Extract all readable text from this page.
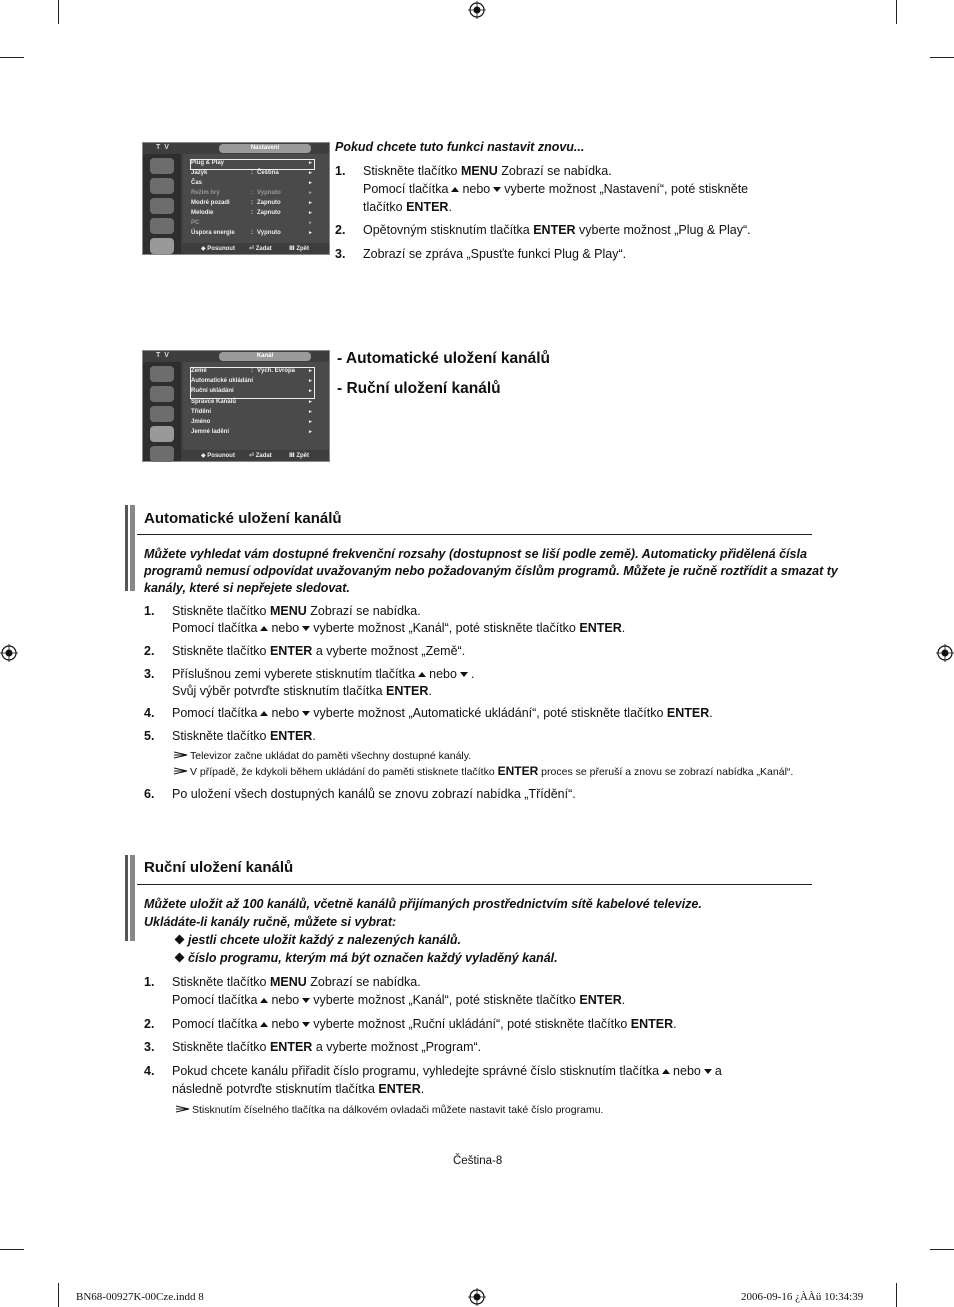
T V	Nastavení
Plug & Play	►
Jazyk	: Čeština	►
Čas	►
Režim hry	: Vypnuto	►
Modré pozadí	: Zapnuto	►
Melodie	: Zapnuto	►
PC	►
Úspora energie	: Vypnuto	►
◆ Posunout ⏎ Zadat	Ⅲ Zpět
T V	Kanál
Země	: Vých. Evropa	►
Automatické ukládání	►
Ruční ukládání	►
Správce Kanálů	►
Třídění	►
Jméno	►
Jemné ladění	►
◆ Posunout ⏎ Zadat	Ⅲ Zpět
Pokud chcete tuto funkci nastavit znovu...
1. Stiskněte tlačítko MENU Zobrazí se nabídka.
Pomocí tlačítka nebo vyberte možnost „Nastavení“, poté stiskněte
tlačítko ENTER.
2. Opětovným stisknutím tlačítka ENTER vyberte možnost „Plug & Play“.
3. Zobrazí se zpráva „Spusťte funkci Plug & Play“.
- Automatické uložení kanálů
- Ruční uložení kanálů
Automatické uložení kanálů
Můžete vyhledat vám dostupné frekvenční rozsahy (dostupnost se liší podle země). Automaticky přidělená čísla
programů nemusí odpovídat uvažovaným nebo požadovaným číslům programů. Můžete je ručně roztřídit a smazat ty
kanály, které si nepřejete sledovat.
1. Stiskněte tlačítko MENU Zobrazí se nabídka.
Pomocí tlačítka nebo vyberte možnost „Kanál“, poté stiskněte tlačítko ENTER.
2. Stiskněte tlačítko ENTER a vyberte možnost „Země“.
3. Příslušnou zemi vyberete stisknutím tlačítka nebo .
Svůj výběr potvrďte stisknutím tlačítka ENTER.
4. Pomocí tlačítka nebo vyberte možnost „Automatické ukládání“, poté stiskněte tlačítko ENTER.
5. Stiskněte tlačítko ENTER.
Televizor začne ukládat do paměti všechny dostupné kanály.
V případě, že kdykoli během ukládání do paměti stisknete tlačítko ENTER proces se přeruší a znovu se zobrazí nabídka „Kanál“.
6. Po uložení všech dostupných kanálů se znovu zobrazí nabídka „Třídění“.
Ruční uložení kanálů
Můžete uložit až 100 kanálů, včetně kanálů přijímaných prostřednictvím sítě kabelové televize.
Ukládáte-li kanály ručně, můžete si vybrat:
jestli chcete uložit každý z nalezených kanálů.
číslo programu, kterým má být označen každý vyladěný kanál.
1. Stiskněte tlačítko MENU Zobrazí se nabídka.
Pomocí tlačítka nebo vyberte možnost „Kanál“, poté stiskněte tlačítko ENTER.
2. Pomocí tlačítka nebo vyberte možnost „Ruční ukládání“, poté stiskněte tlačítko ENTER.
3. Stiskněte tlačítko ENTER a vyberte možnost „Program“.
4. Pokud chcete kanálu přiřadit číslo programu, vyhledejte správné číslo stisknutím tlačítka nebo a
následně potvrďte stisknutím tlačítka ENTER.
Stisknutím číselného tlačítka na dálkovém ovladači můžete nastavit také číslo programu.
Čeština-8
BN68-00927K-00Cze.indd 8	2006-09-16 ¿ÀÀü 10:34:39
